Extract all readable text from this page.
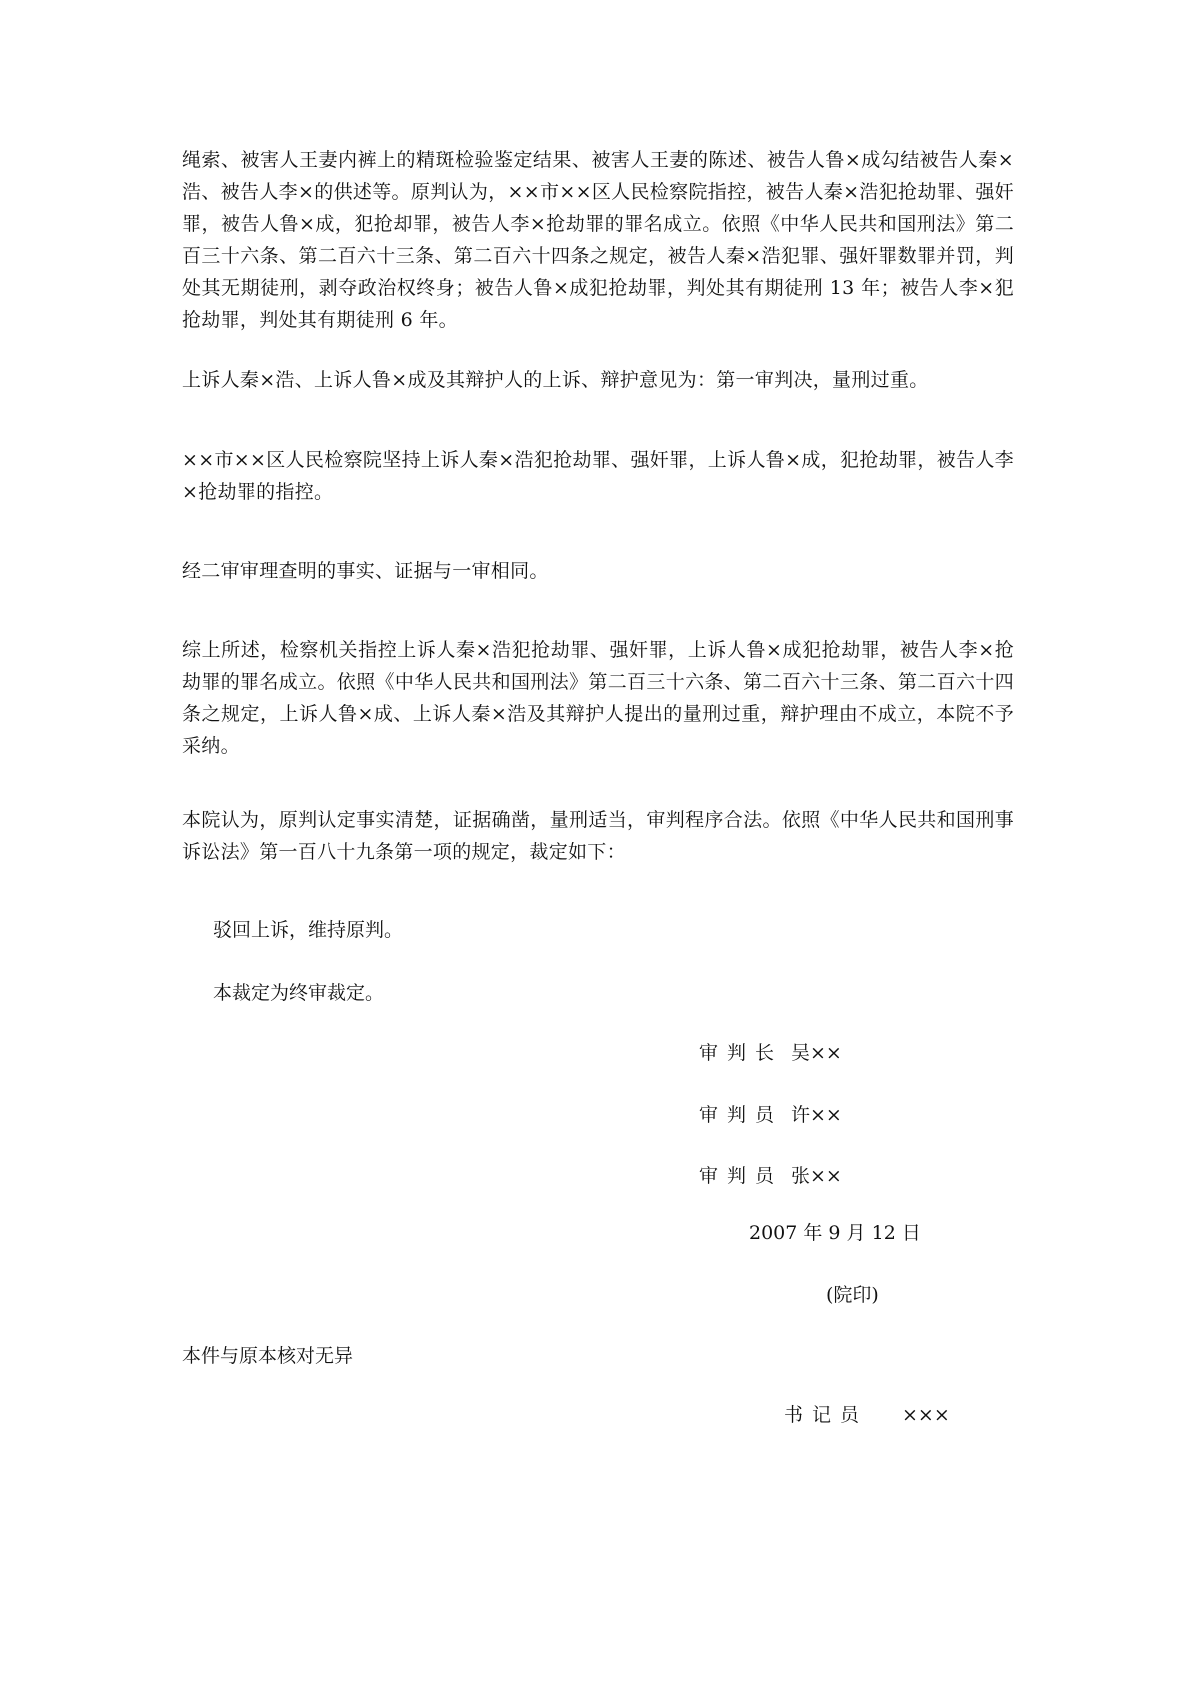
绳索、被害人王妻内裤上的精斑检验鉴定结果、被害人王妻的陈述、被告人鲁×成勾结被告人秦×浩、被告人李×的供述等。原判认为，××市××区人民检察院指控，被告人秦×浩犯抢劫罪、强奸罪，被告人鲁×成，犯抢却罪，被告人李×抢劫罪的罪名成立。依照《中华人民共和国刑法》第二百三十六条、第二百六十三条、第二百六十四条之规定，被告人秦×浩犯罪、强奸罪数罪并罚，判处其无期徒刑，剥夺政治权终身；被告人鲁×成犯抢劫罪，判处其有期徒刑 13 年；被告人李×犯抢劫罪，判处其有期徒刑 6 年。

上诉人秦×浩、上诉人鲁×成及其辩护人的上诉、辩护意见为：第一审判决，量刑过重。

××市××区人民检察院坚持上诉人秦×浩犯抢劫罪、强奸罪，上诉人鲁×成，犯抢劫罪，被告人李×抢劫罪的指控。

经二审审理查明的事实、证据与一审相同。

综上所述，检察机关指控上诉人秦×浩犯抢劫罪、强奸罪，上诉人鲁×成犯抢劫罪，被告人李×抢劫罪的罪名成立。依照《中华人民共和国刑法》第二百三十六条、第二百六十三条、第二百六十四条之规定，上诉人鲁×成、上诉人秦×浩及其辩护人提出的量刑过重，辩护理由不成立，本院不予采纳。

本院认为，原判认定事实清楚，证据确凿，量刑适当，审判程序合法。依照《中华人民共和国刑事诉讼法》第一百八十九条第一项的规定，裁定如下：

驳回上诉，维持原判。

本裁定为终审裁定。

审判长 吴××

审判员 许××

审判员 张××

2007 年 9 月 12 日

(院印)

本件与原本核对无异

书记员 ×××
